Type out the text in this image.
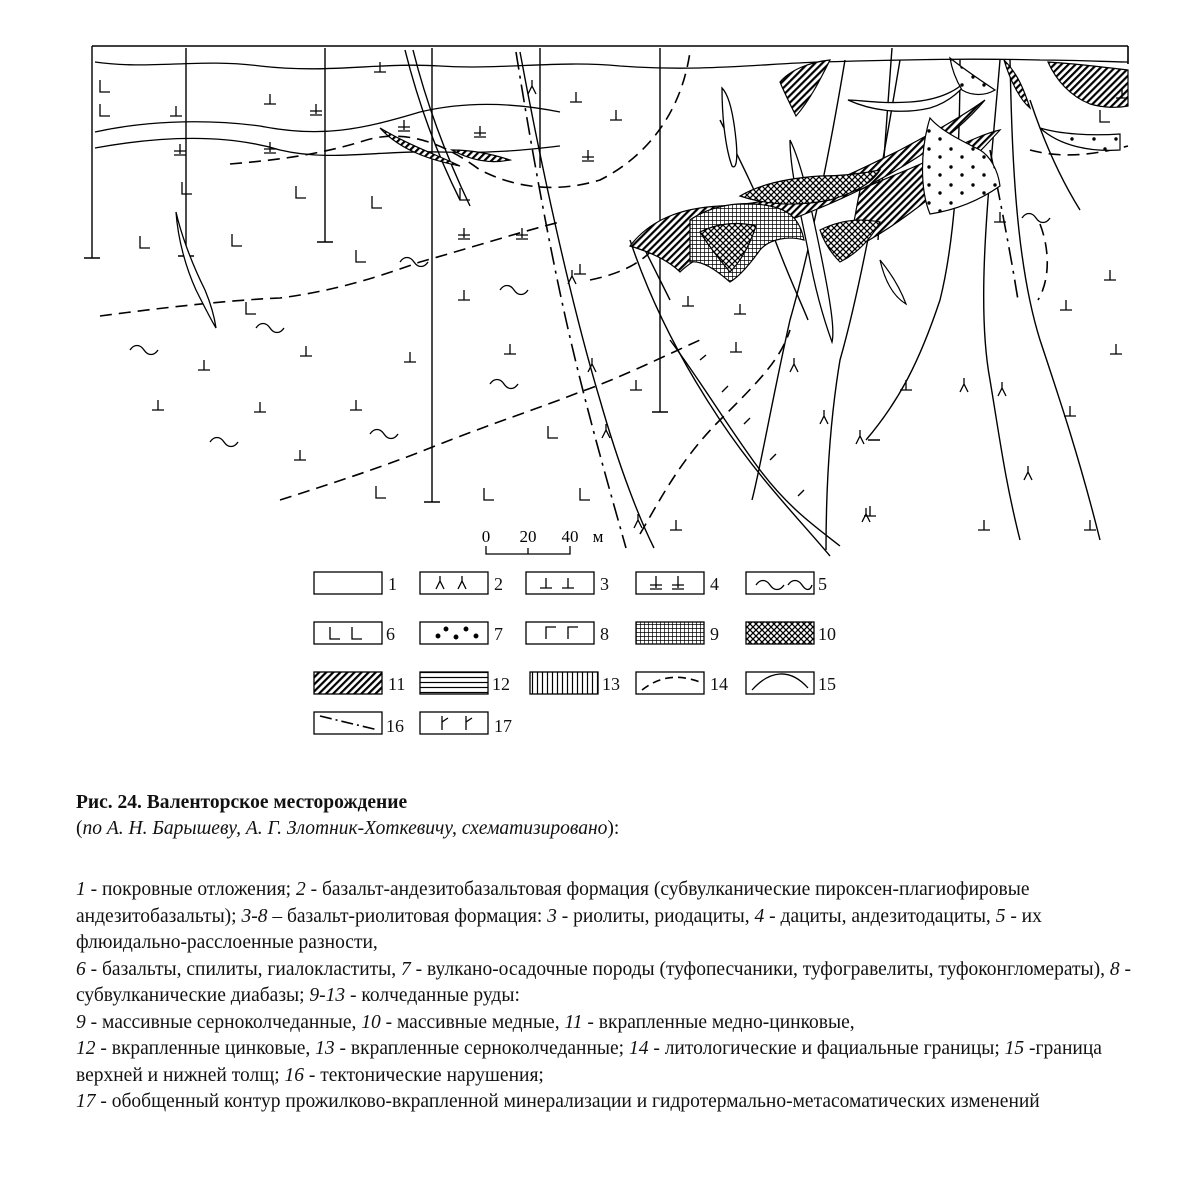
0 20 40 м
1	2	3	4	5
6	7	8	9	10
11	12	13	14	15
16	17
Рис. 24. Валенторское месторождение
(по А. Н. Барышеву, А. Г. Злотник-Хоткевичу, схематизировано):
1 - покровные отложения; 2 - базальт-андезитобазальтовая формация (субвулканические пироксен-плагиофировые андезитобазальты); 3-8 – базальт-риолитовая формация: 3 - риолиты, риодациты, 4 - дациты, андезитодациты, 5 - их флюидально-расслоенные разности,
6 - базальты, спилиты, гиалокластиты, 7 - вулкано-осадочные породы (туфопесчаники, туфогравелиты, туфоконгломераты), 8 - субвулканические диабазы; 9-13 - колчеданные руды:
9 - массивные серноколчеданные, 10 - массивные медные, 11 - вкрапленные медно-цинковые,
12 - вкрапленные цинковые, 13 - вкрапленные серноколчеданные; 14 - литологические и фациальные границы; 15 -граница верхней и нижней толщ; 16 - тектонические нарушения;
17 - обобщенный контур прожилково-вкрапленной минерализации и гидротермально-метасоматических изменений
